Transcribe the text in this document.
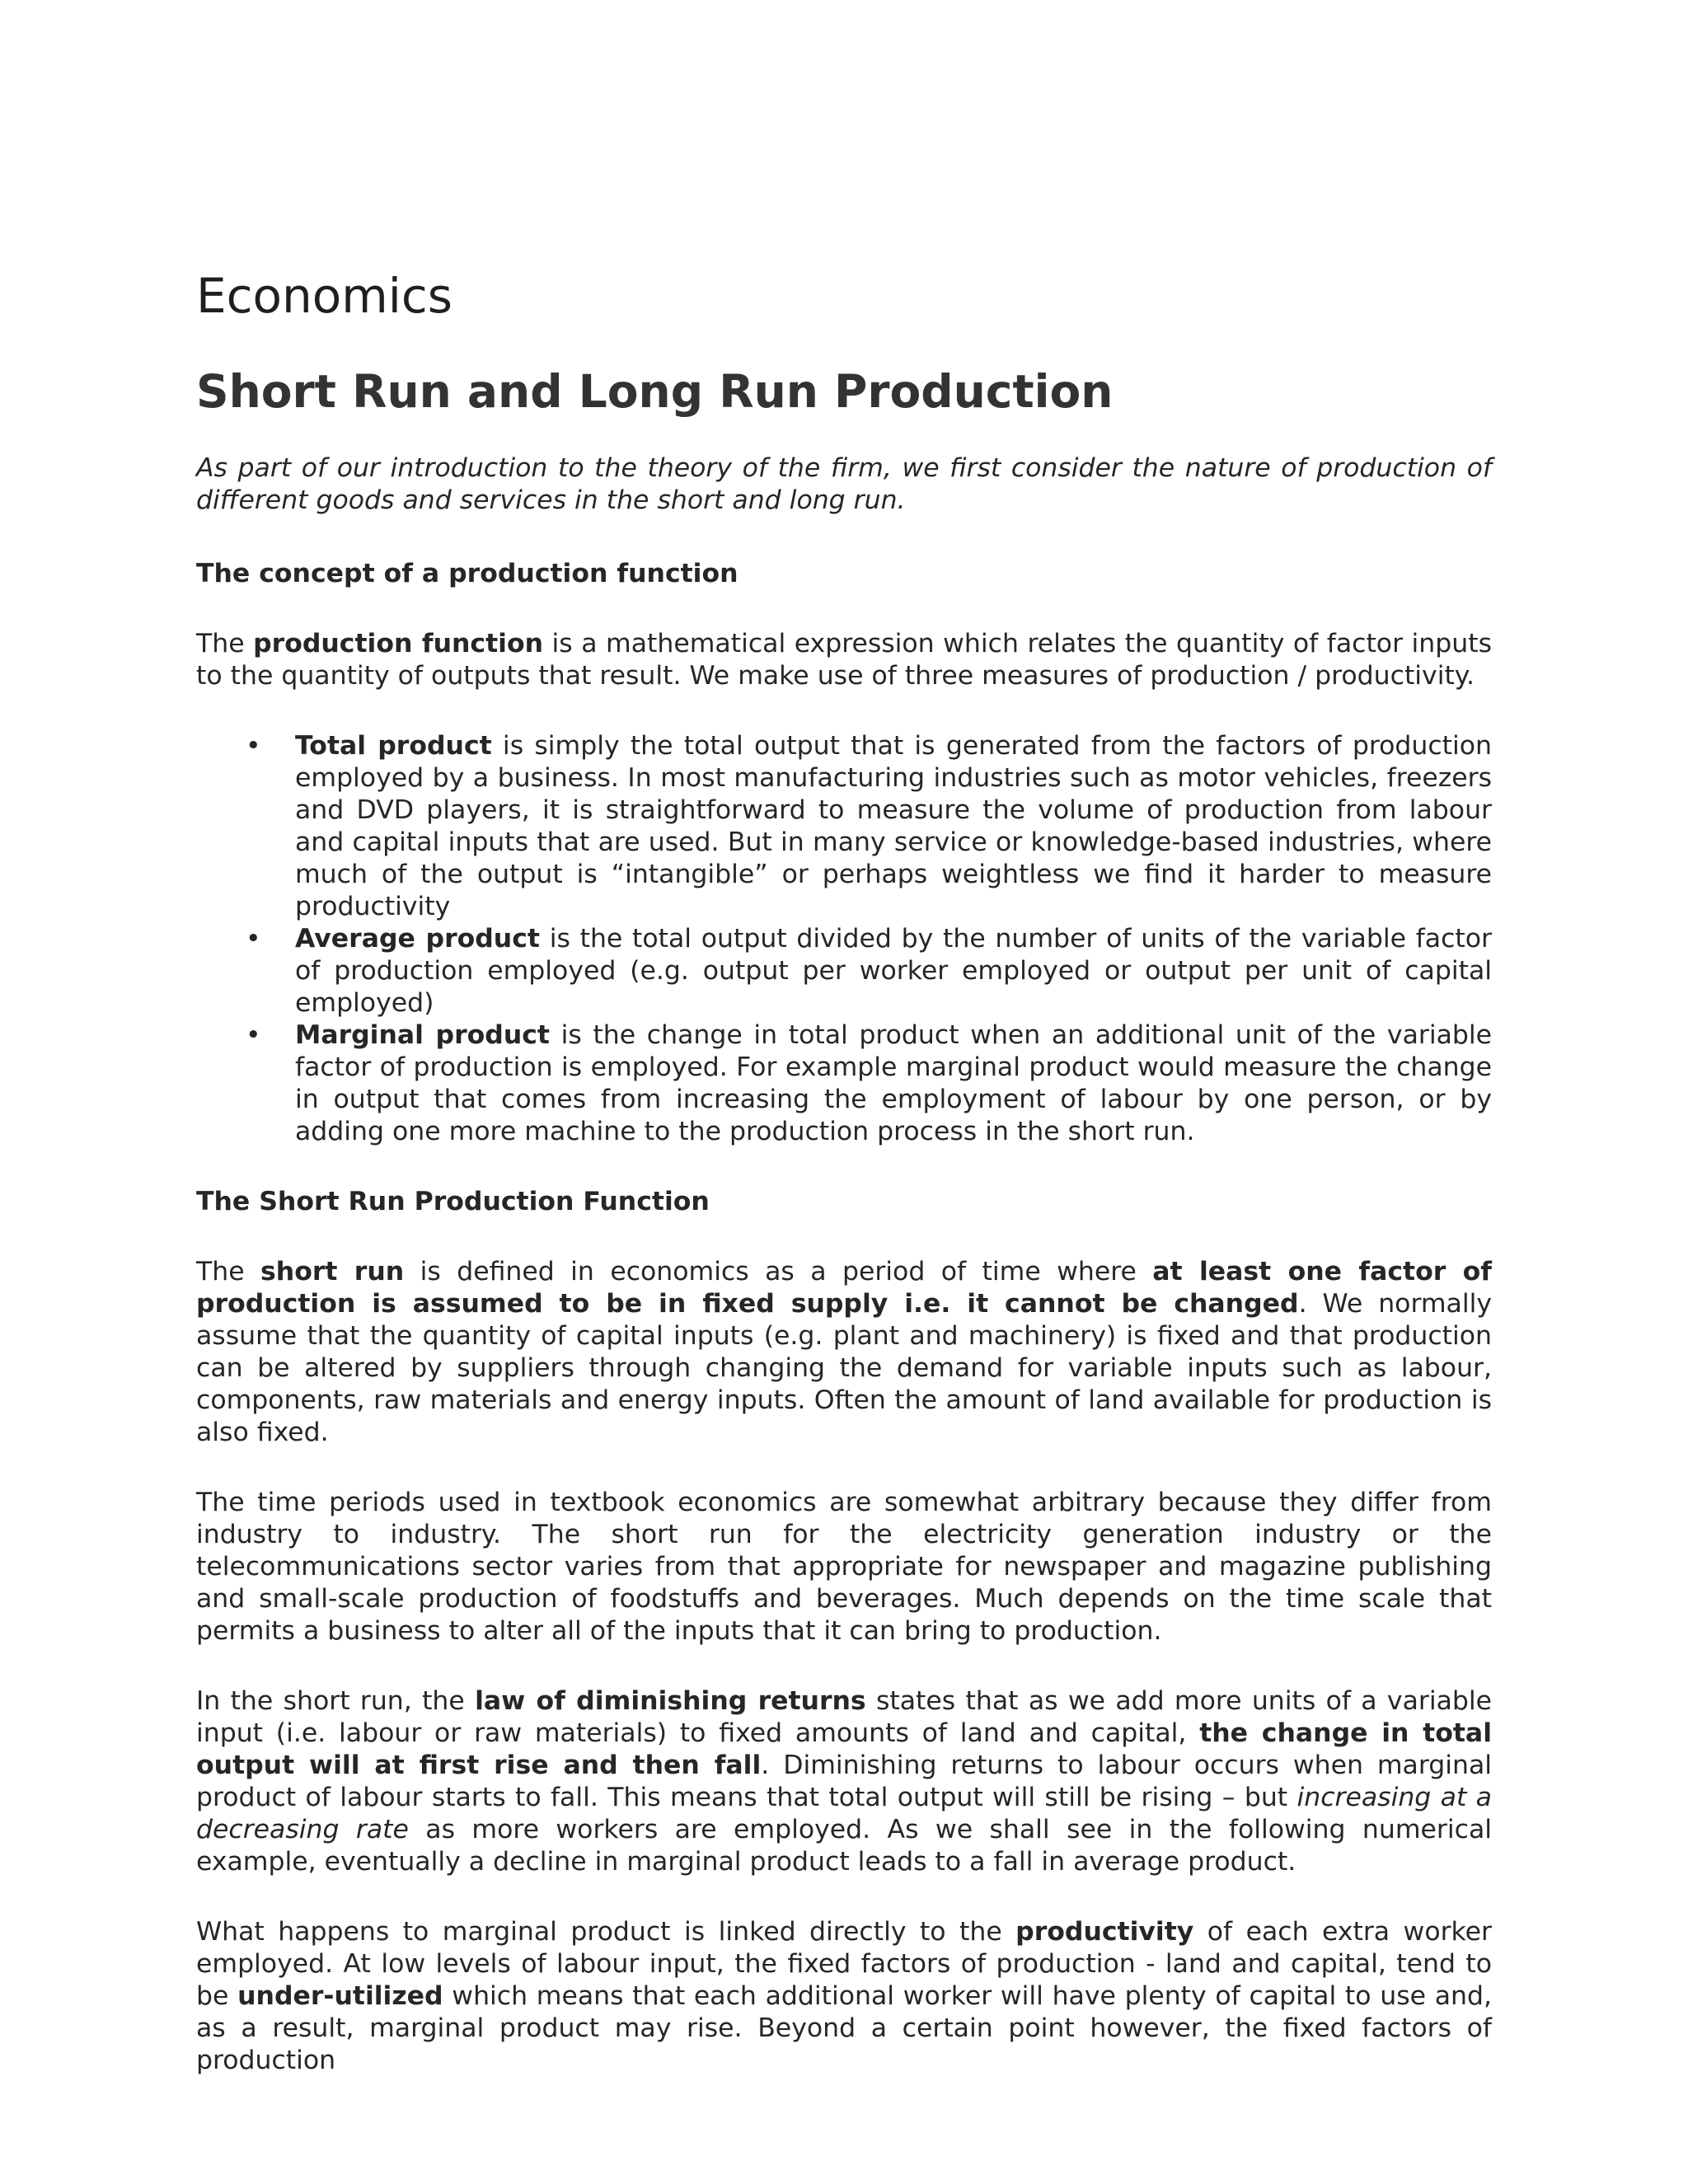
Economics
Short Run and Long Run Production

As part of our introduction to the theory of the firm, we first consider the nature of production of different goods and services in the short and long run.

The concept of a production function

The production function is a mathematical expression which relates the quantity of factor inputs to the quantity of outputs that result. We make use of three measures of production / productivity.

• Total product is simply the total output that is generated from the factors of production employed by a business. In most manufacturing industries such as motor vehicles, freezers and DVD players, it is straightforward to measure the volume of production from labour and capital inputs that are used. But in many service or knowledge-based industries, where much of the output is “intangible” or perhaps weightless we find it harder to measure productivity
• Average product is the total output divided by the number of units of the variable factor of production employed (e.g. output per worker employed or output per unit of capital employed)
• Marginal product is the change in total product when an additional unit of the variable factor of production is employed. For example marginal product would measure the change in output that comes from increasing the employment of labour by one person, or by adding one more machine to the production process in the short run.
The Short Run Production Function

The short run is defined in economics as a period of time where at least one factor of production is assumed to be in fixed supply i.e. it cannot be changed. We normally assume that the quantity of capital inputs (e.g. plant and machinery) is fixed and that production can be altered by suppliers through changing the demand for variable inputs such as labour, components, raw materials and energy inputs. Often the amount of land available for production is also fixed.

The time periods used in textbook economics are somewhat arbitrary because they differ from industry to industry. The short run for the electricity generation industry or the telecommunications sector varies from that appropriate for newspaper and magazine publishing and small-scale production of foodstuffs and beverages. Much depends on the time scale that permits a business to alter all of the inputs that it can bring to production.

In the short run, the law of diminishing returns states that as we add more units of a variable input (i.e. labour or raw materials) to fixed amounts of land and capital, the change in total output will at first rise and then fall. Diminishing returns to labour occurs when marginal product of labour starts to fall. This means that total output will still be rising – but increasing at a decreasing rate as more workers are employed. As we shall see in the following numerical example, eventually a decline in marginal product leads to a fall in average product.

What happens to marginal product is linked directly to the productivity of each extra worker employed. At low levels of labour input, the fixed factors of production - land and capital, tend to be under-utilized which means that each additional worker will have plenty of capital to use and, as a result, marginal product may rise. Beyond a certain point however, the fixed factors of production
